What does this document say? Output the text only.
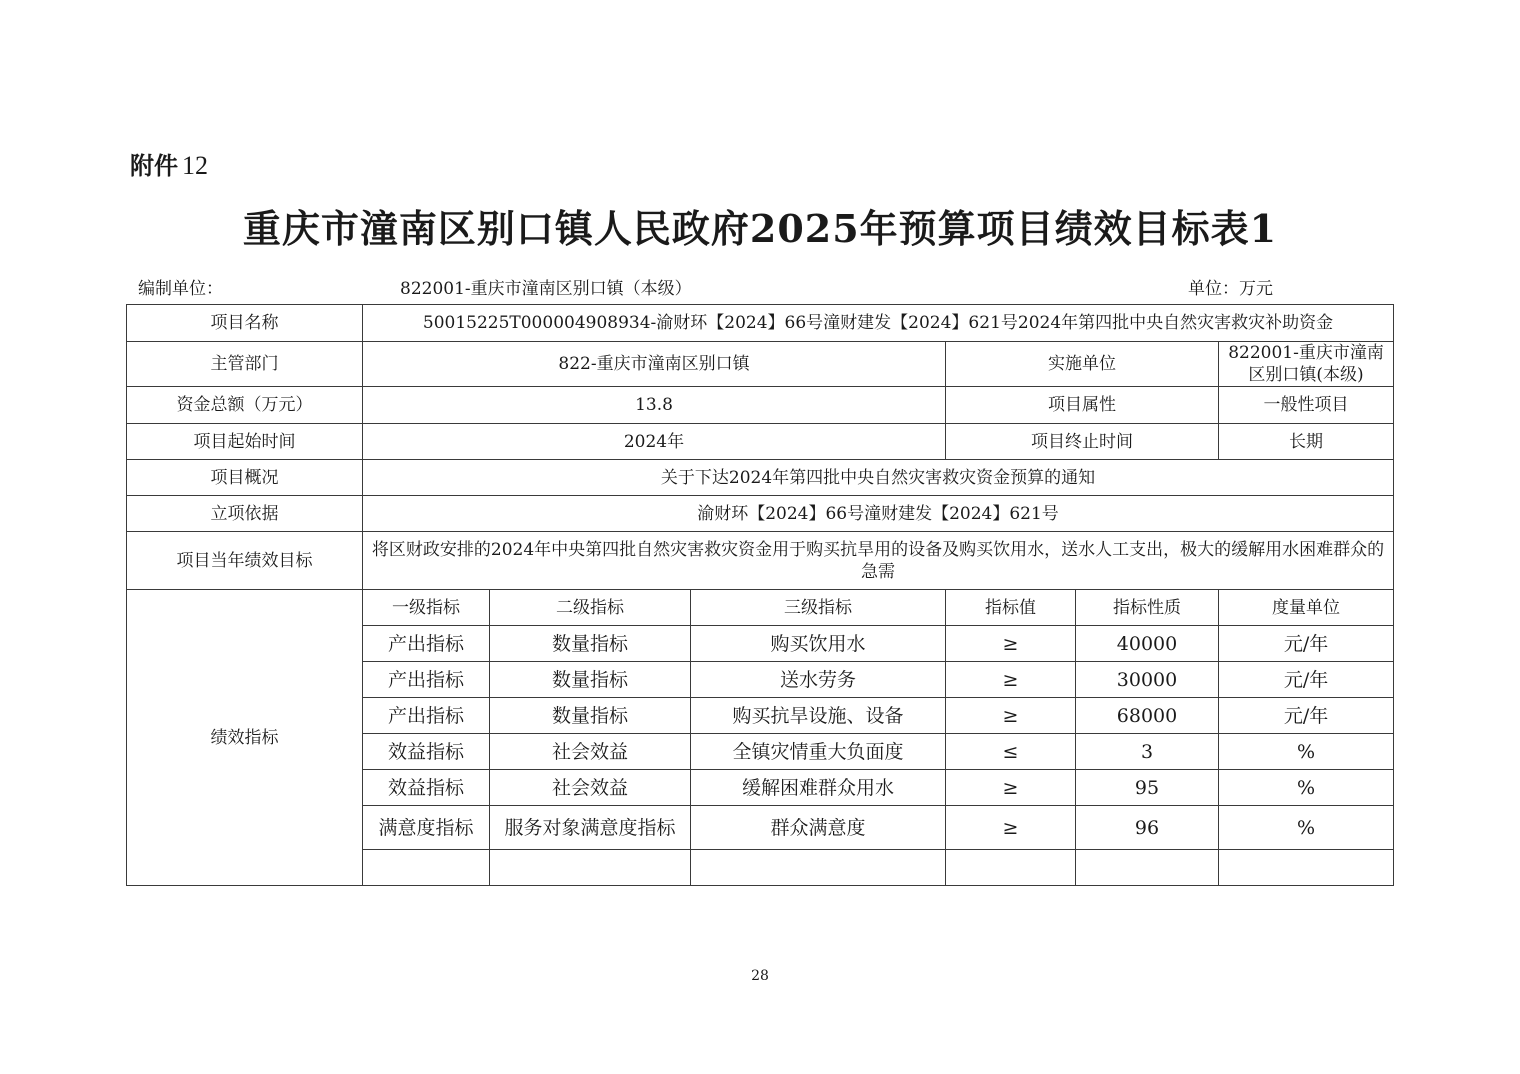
附件 12
重庆市潼南区别口镇人民政府2025年预算项目绩效目标表1
编制单位：	822001-重庆市潼南区别口镇（本级）	单位：万元
项目名称	50015225T000004908934-渝财环【2024】66号潼财建发【2024】621号2024年第四批中央自然灾害救灾补助资金					
主管部门	822-重庆市潼南区别口镇			实施单位		822001-重庆市潼南区别口镇(本级)
资金总额（万元）	13.8			项目属性		一般性项目
项目起始时间	2024年			项目终止时间		长期
项目概况	关于下达2024年第四批中央自然灾害救灾资金预算的通知					
立项依据	渝财环【2024】66号潼财建发【2024】621号					
项目当年绩效目标	将区财政安排的2024年中央第四批自然灾害救灾资金用于购买抗旱用的设备及购买饮用水，送水人工支出，极大的缓解用水困难群众的急需					
绩效指标	一级指标	二级指标	三级指标	指标值	指标性质	度量单位
	产出指标	数量指标	购买饮用水	≥	40000	元/年
	产出指标	数量指标	送水劳务	≥	30000	元/年
	产出指标	数量指标	购买抗旱设施、设备	≥	68000	元/年
	效益指标	社会效益	全镇灾情重大负面度	≤	3	%
	效益指标	社会效益	缓解困难群众用水	≥	95	%
	满意度指标	服务对象满意度指标	群众满意度	≥	96	%

28
